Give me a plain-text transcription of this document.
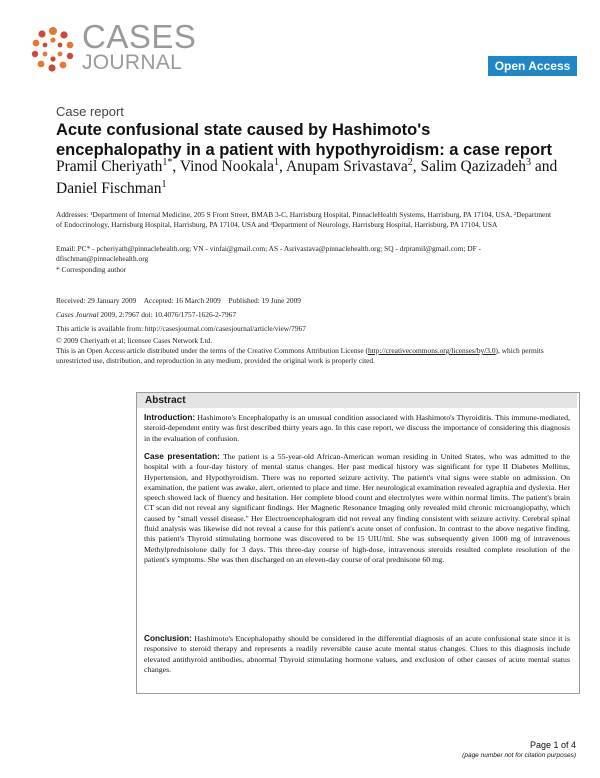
CASES
JOURNAL	Open Access
Case report
Acute confusional state caused by Hashimoto's encephalopathy in a patient with hypothyroidism: a case report
Pramil Cheriyath$^{1*}$, Vinod Nookala$^1$, Anupam Srivastava$^2$, Salim Qazizadeh$^3$ and Daniel Fischman$^1$
Addresses: ¹Department of Internal Medicine, 205 S Front Street, BMAB 3-C, Harrisburg Hospital, PinnacleHealth Systems, Harrisburg, PA 17104, USA, ²Department of Endocrinology, Harrisburg Hospital, Harrisburg, PA 17104, USA and ³Department of Neurology, Harrisburg Hospital, Harrisburg, PA 17104, USA
Email: PC* - pcheriyath@pinnaclehealth.org; VN - vinfai@gmail.com; AS - Asrivastava@pinnaclehealth.org; SQ - drpramil@gmail.com; DF - dfischman@pinnaclehealth.org
* Corresponding author
Received: 29 January 2009 Accepted: 16 March 2009 Published: 19 June 2009
Cases Journal 2009, 2:7967 doi: 10.4076/1757-1626-2-7967
This article is available from: http://casesjournal.com/casesjournal/article/view/7967
© 2009 Cheriyath et al; licensee Cases Network Ltd.
This is an Open Access article distributed under the terms of the Creative Commons Attribution License (http://creativecommons.org/licenses/by/3.0), which permits unrestricted use, distribution, and reproduction in any medium, provided the original work is properly cited.
Abstract
Introduction: Hashimoto's Encephalopathy is an unusual condition associated with Hashimoto's Thyroiditis. This immune-mediated, steroid-dependent entity was first described thirty years ago. In this case report, we discuss the importance of considering this diagnosis in the evaluation of confusion.
Case presentation: The patient is a 55-year-old African-American woman residing in United States, who was admitted to the hospital with a four-day history of mental status changes. Her past medical history was significant for type II Diabetes Mellitus, Hypertension, and Hypothyroidism. There was no reported seizure activity. The patient's vital signs were stable on admission. On examination, the patient was awake, alert, oriented to place and time. Her neurological examination revealed agraphia and dyslexia. Her speech showed lack of fluency and hesitation. Her complete blood count and electrolytes were within normal limits. The patient's brain CT scan did not reveal any significant findings. Her Magnetic Resonance Imaging only revealed mild chronic microangiopathy, which caused by "small vessel disease." Her Electroencephalogram did not reveal any finding consistent with seizure activity. Cerebral spinal fluid analysis was likewise did not reveal a cause for this patient's acute onset of confusion. In contrast to the above negative finding, this patient's Thyroid stimulating hormone was discovered to be 15 UIU/ml. She was subsequently given 1000 mg of intravenous Methylprednisolone daily for 3 days. This three-day course of high-dose, intravenous steroids resulted complete resolution of the patient's symptoms. She was then discharged on an eleven-day course of oral prednisone 60 mg.
Conclusion: Hashimoto's Encephalopathy should be considered in the differential diagnosis of an acute confusional state since it is responsive to steroid therapy and represents a readily reversible cause acute mental status changes. Clues to this diagnosis include elevated antithyroid antibodies, abnormal Thyroid stimulating hormone values, and exclusion of other causes of acute mental status changes.
Page 1 of 4
(page number not for citation purposes)
